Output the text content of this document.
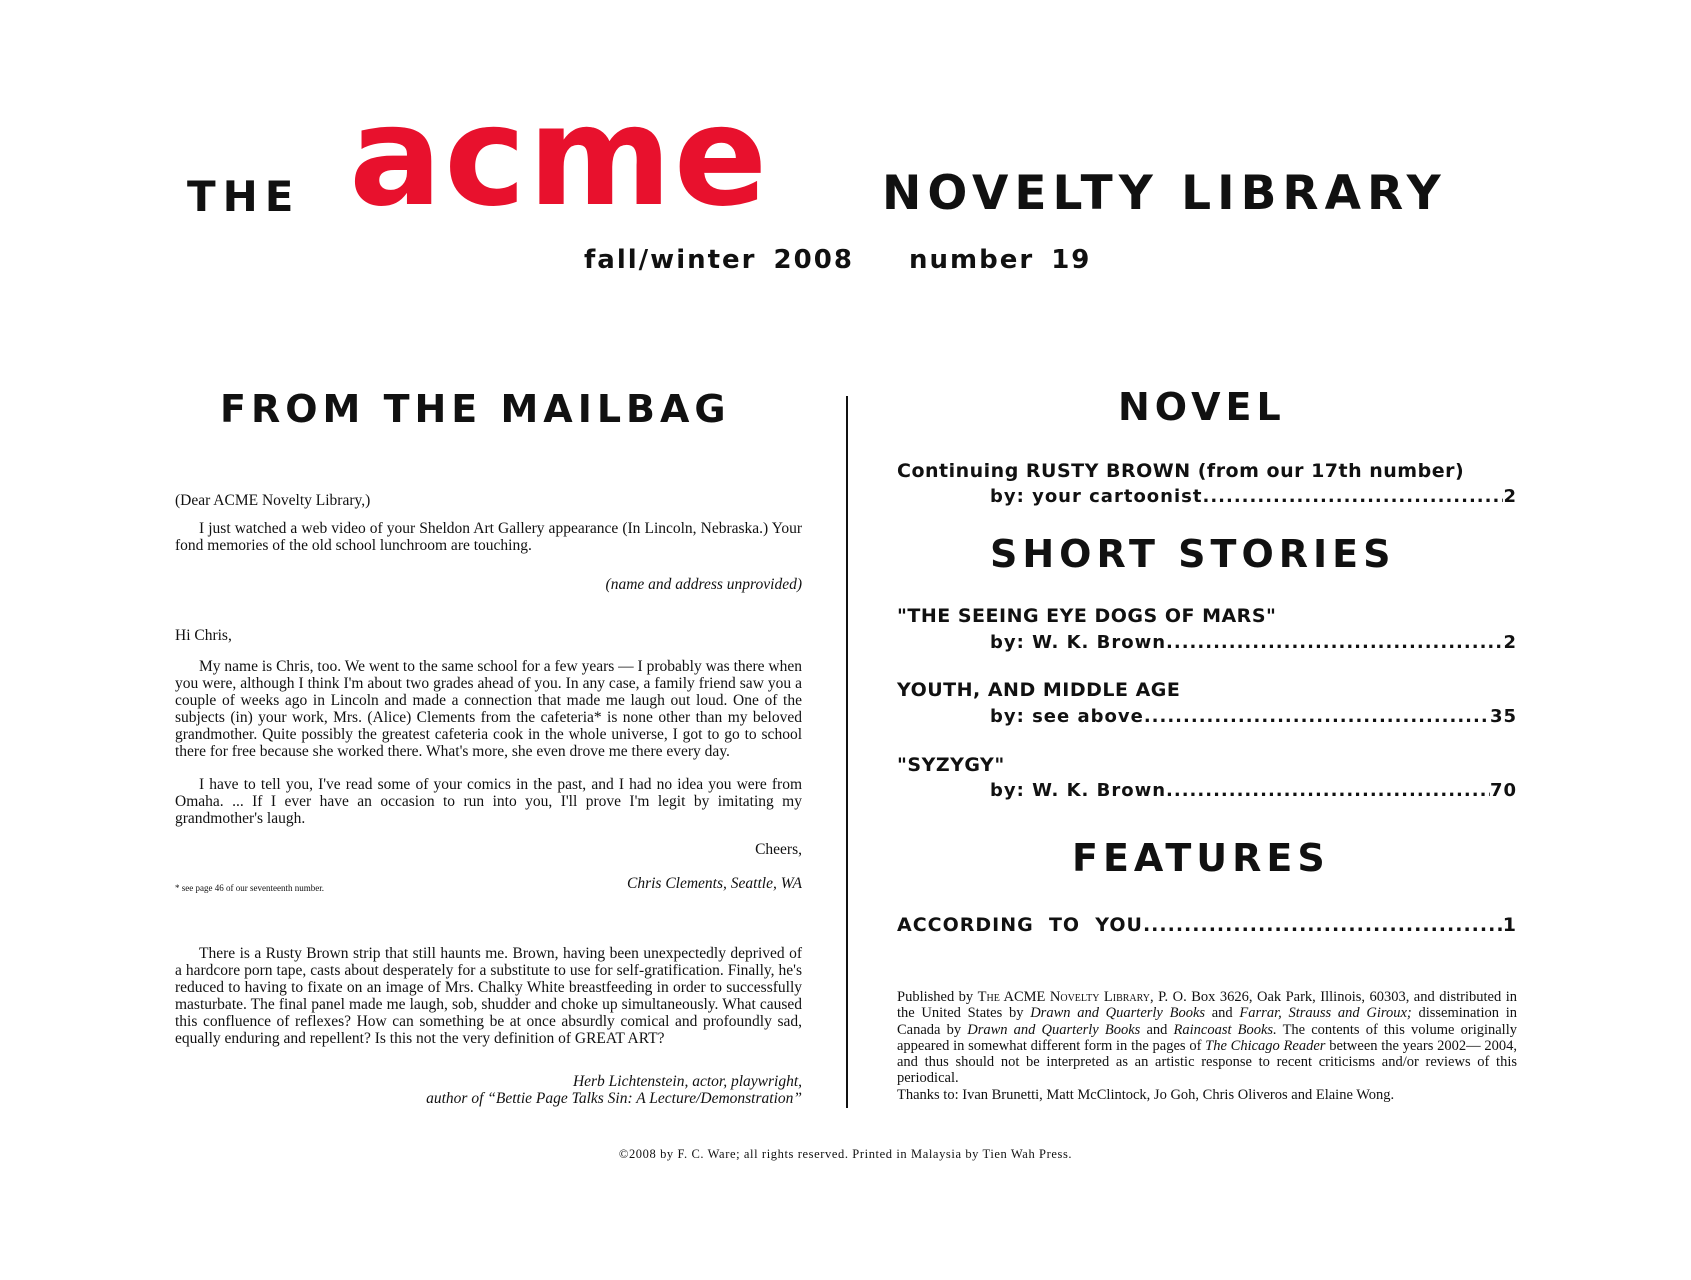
THE acme NOVELTY LIBRARY
fall/winter 2008 number 19
FROM THE MAILBAG
(Dear ACME Novelty Library,)

I just watched a web video of your Sheldon Art Gallery appearance (In Lincoln, Nebraska.) Your fond memories of the old school lunchroom are touching.

(name and address unprovided)
Hi Chris,

My name is Chris, too. We went to the same school for a few years — I probably was there when you were, although I think I'm about two grades ahead of you. In any case, a family friend saw you a couple of weeks ago in Lincoln and made a connection that made me laugh out loud. One of the subjects (in) your work, Mrs. (Alice) Clements from the cafeteria* is none other than my beloved grandmother. Quite possibly the greatest cafeteria cook in the whole universe, I got to go to school there for free because she worked there. What's more, she even drove me there every day.

I have to tell you, I've read some of your comics in the past, and I had no idea you were from Omaha. ... If I ever have an occasion to run into you, I'll prove I'm legit by imitating my grandmother's laugh.

Cheers,
* see page 46 of our seventeenth number.	Chris Clements, Seattle, WA

There is a Rusty Brown strip that still haunts me. Brown, having been unexpectedly deprived of a hardcore porn tape, casts about desperately for a substitute to use for self-gratification. Finally, he's reduced to having to fixate on an image of Mrs. Chalky White breastfeeding in order to successfully masturbate. The final panel made me laugh, sob, shudder and choke up simultaneously. What caused this confluence of reflexes? How can something be at once absurdly comical and profoundly sad, equally enduring and repellent? Is this not the very definition of GREAT ART?

Herb Lichtenstein, actor, playwright,
author of “Bettie Page Talks Sin: A Lecture/Demonstration”
NOVEL
Continuing RUSTY BROWN (from our 17th number)
by: your cartoonist .....	2
SHORT STORIES
"THE SEEING EYE DOGS OF MARS"
by: W. K. Brown .....	2
YOUTH, AND MIDDLE AGE
by: see above .....	35
"SYZYGY"
by: W. K. Brown .....	70
FEATURES
ACCORDING  TO  YOU .....	1
Published by The ACME Novelty Library, P. O. Box 3626, Oak Park, Illinois, 60303, and distributed in the United States by Drawn and Quarterly Books and Farrar, Strauss and Giroux; dissemination in Canada by Drawn and Quarterly Books and Raincoast Books. The contents of this volume originally appeared in somewhat different form in the pages of The Chicago Reader between the years 2002— 2004, and thus should not be interpreted as an artistic response to recent criticisms and/or reviews of this periodical.
Thanks to: Ivan Brunetti, Matt McClintock, Jo Goh, Chris Oliveros and Elaine Wong.
©2008 by F. C. Ware; all rights reserved. Printed in Malaysia by Tien Wah Press.
